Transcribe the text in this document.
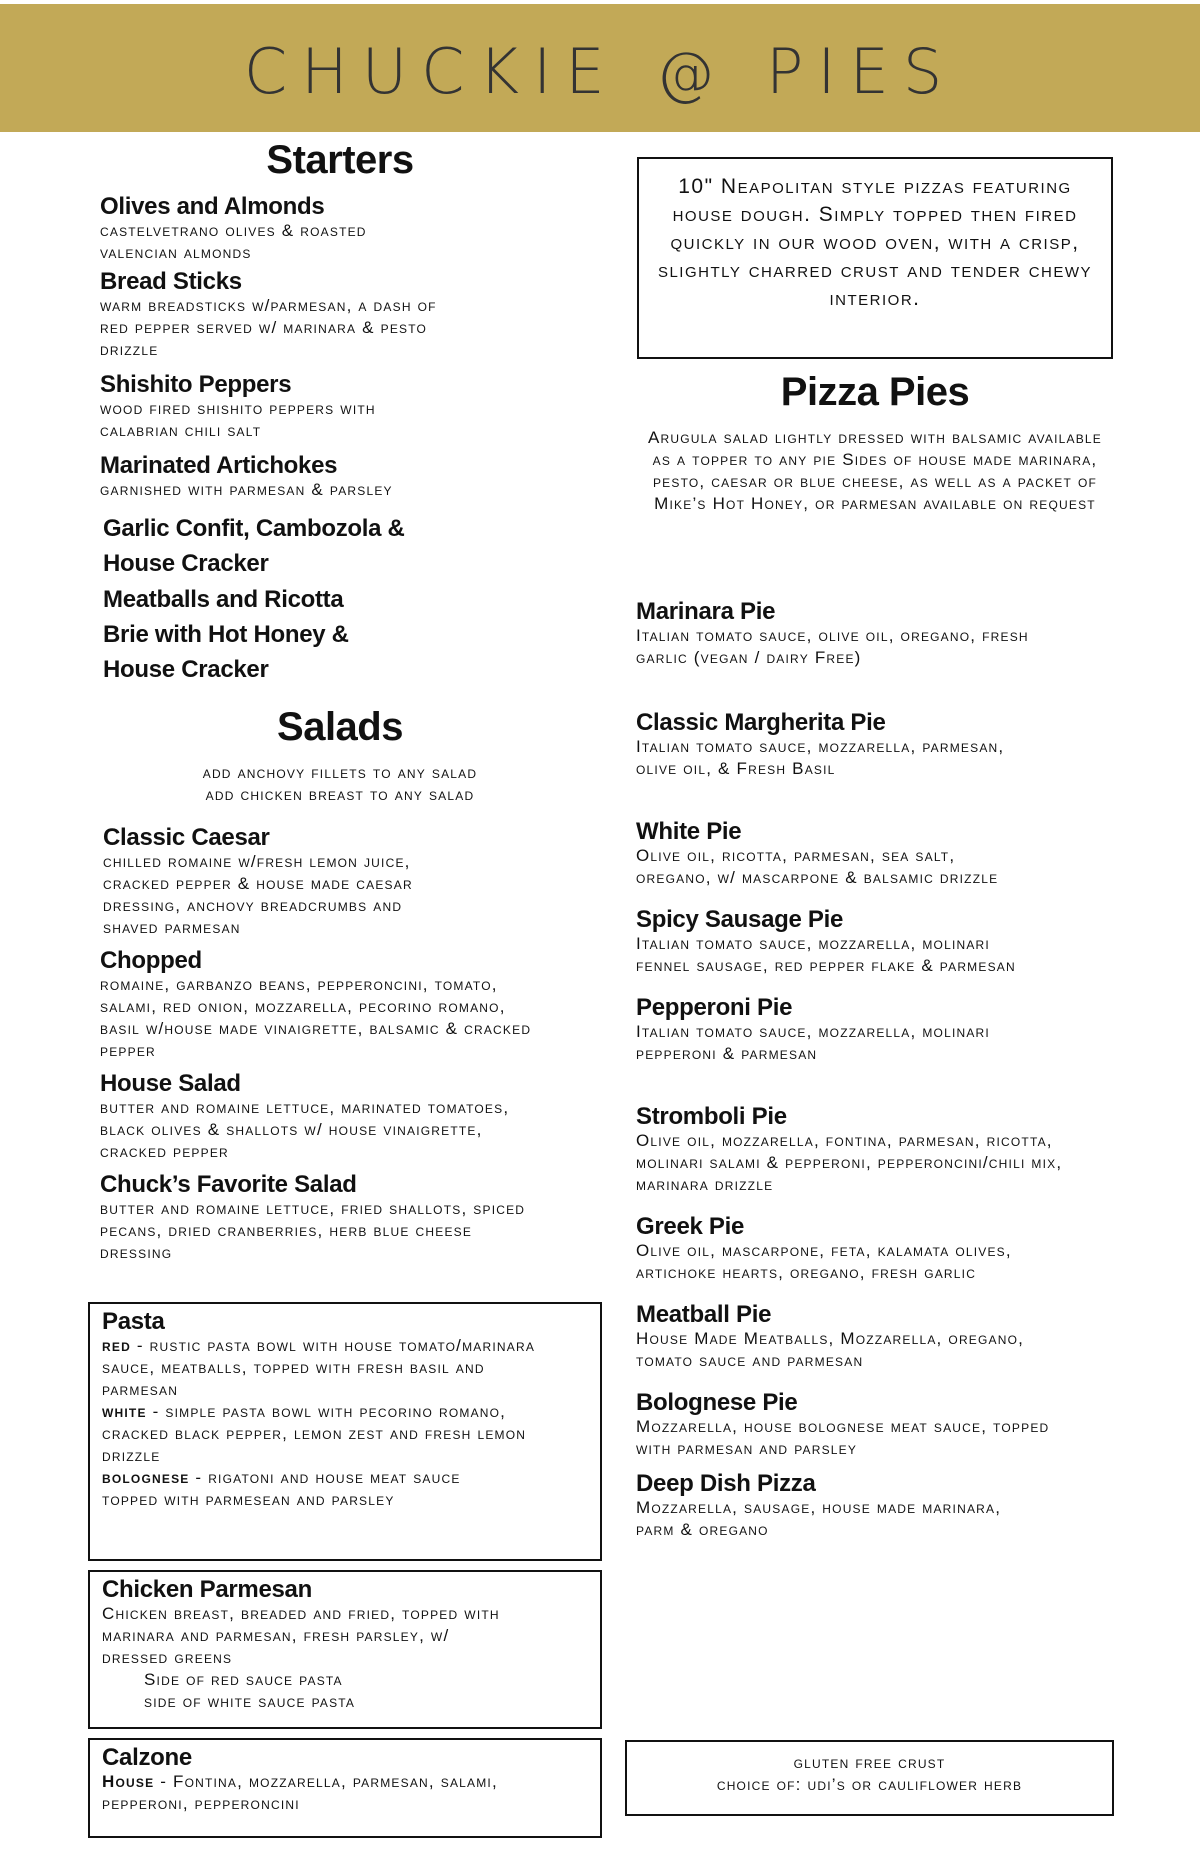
CHUCKIE @ PIES
Starters
Olives and Almonds
castelvetrano olives & roasted valencian almonds
Bread Sticks
warm breadsticks w/parmesan, a dash of red pepper served w/ marinara & pesto drizzle
Shishito Peppers
wood fired shishito peppers with calabrian chili salt
Marinated Artichokes
garnished with parmesan & parsley
Garlic Confit, Cambozola & House Cracker
Meatballs and Ricotta
Brie with Hot Honey & House Cracker
Salads
add anchovy fillets to any salad
add chicken breast to any salad
Classic Caesar
chilled romaine w/fresh lemon juice, cracked pepper & house made caesar dressing, anchovy breadcrumbs and shaved parmesan
Chopped
romaine, garbanzo beans, pepperoncini, tomato, salami, red onion, mozzarella, pecorino romano, basil w/house made vinaigrette, balsamic & cracked pepper
House Salad
butter and romaine lettuce, marinated tomatoes, black olives & shallots w/ house vinaigrette, cracked pepper
Chuck’s Favorite Salad
butter and romaine lettuce, fried shallots, spiced pecans, dried cranberries, herb blue cheese dressing
Pasta
red - rustic pasta bowl with house tomato/marinara sauce, meatballs, topped with fresh basil and parmesan
white - simple pasta bowl with pecorino romano, cracked black pepper, lemon zest and fresh lemon drizzle
bolognese - rigatoni and house meat sauce topped with parmesean and parsley
Chicken Parmesan
Chicken breast, breaded and fried, topped with marinara and parmesan, fresh parsley, w/ dressed greens
Side of red sauce pasta
side of white sauce pasta
Calzone
House - Fontina, mozzarella, parmesan, salami, pepperoni, pepperoncini
10" Neapolitan style pizzas featuring house dough. Simply topped then fired quickly in our wood oven, with a crisp, slightly charred crust and tender chewy interior.
Pizza Pies
Arugula salad lightly dressed with balsamic available as a topper to any pie Sides of house made marinara, pesto, caesar or blue cheese, as well as a packet of Mike’s Hot Honey, or parmesan available on request
Marinara Pie
Italian tomato sauce, olive oil, oregano, fresh garlic (vegan / dairy Free)
Classic Margherita Pie
Italian tomato sauce, mozzarella, parmesan, olive oil, & Fresh Basil
White Pie
Olive oil, ricotta, parmesan, sea salt, oregano, w/ mascarpone & balsamic drizzle
Spicy Sausage Pie
Italian tomato sauce, mozzarella, molinari fennel sausage, red pepper flake & parmesan
Pepperoni Pie
Italian tomato sauce, mozzarella, molinari pepperoni & parmesan
Stromboli Pie
Olive oil, mozzarella, fontina, parmesan, ricotta, molinari salami & pepperoni, pepperoncini/chili mix, marinara drizzle
Greek Pie
Olive oil, mascarpone, feta, kalamata olives, artichoke hearts, oregano, fresh garlic
Meatball Pie
House Made Meatballs, Mozzarella, oregano, tomato sauce and parmesan
Bolognese Pie
Mozzarella, house bolognese meat sauce, topped with parmesan and parsley
Deep Dish Pizza
Mozzarella, sausage, house made marinara, parm & oregano
gluten free crust
choice of: udi’s or cauliflower herb
